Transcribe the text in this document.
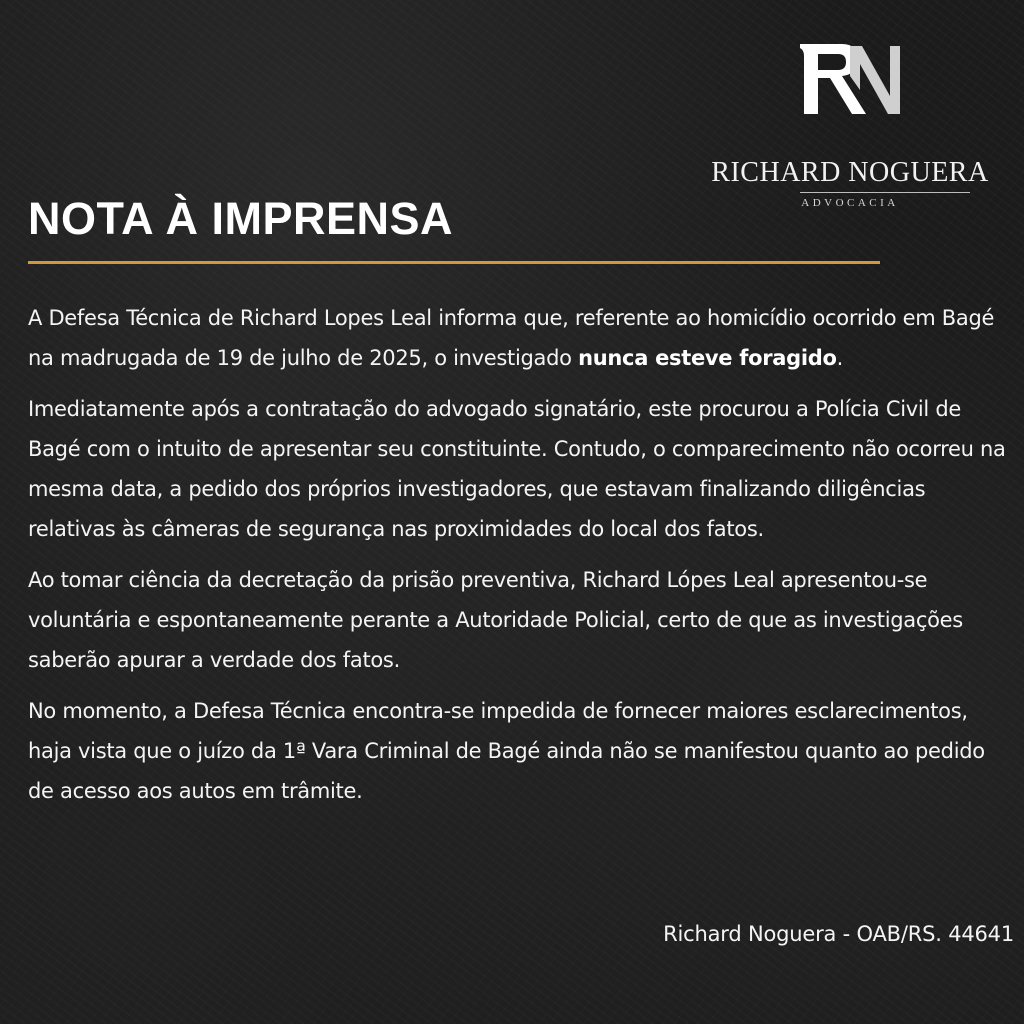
RICHARD NOGUERA
ADVOCACIA
NOTA À IMPRENSA

A Defesa Técnica de Richard Lopes Leal informa que, referente ao homicídio ocorrido em Bagé na madrugada de 19 de julho de 2025, o investigado nunca esteve foragido.

Imediatamente após a contratação do advogado signatário, este procurou a Polícia Civil de Bagé com o intuito de apresentar seu constituinte. Contudo, o comparecimento não ocorreu na mesma data, a pedido dos próprios investigadores, que estavam finalizando diligências relativas às câmeras de segurança nas proximidades do local dos fatos.

Ao tomar ciência da decretação da prisão preventiva, Richard Lópes Leal apresentou-se voluntária e espontaneamente perante a Autoridade Policial, certo de que as investigações saberão apurar a verdade dos fatos.

No momento, a Defesa Técnica encontra-se impedida de fornecer maiores esclarecimentos, haja vista que o juízo da 1ª Vara Criminal de Bagé ainda não se manifestou quanto ao pedido de acesso aos autos em trâmite.

Richard Noguera - OAB/RS. 44641
